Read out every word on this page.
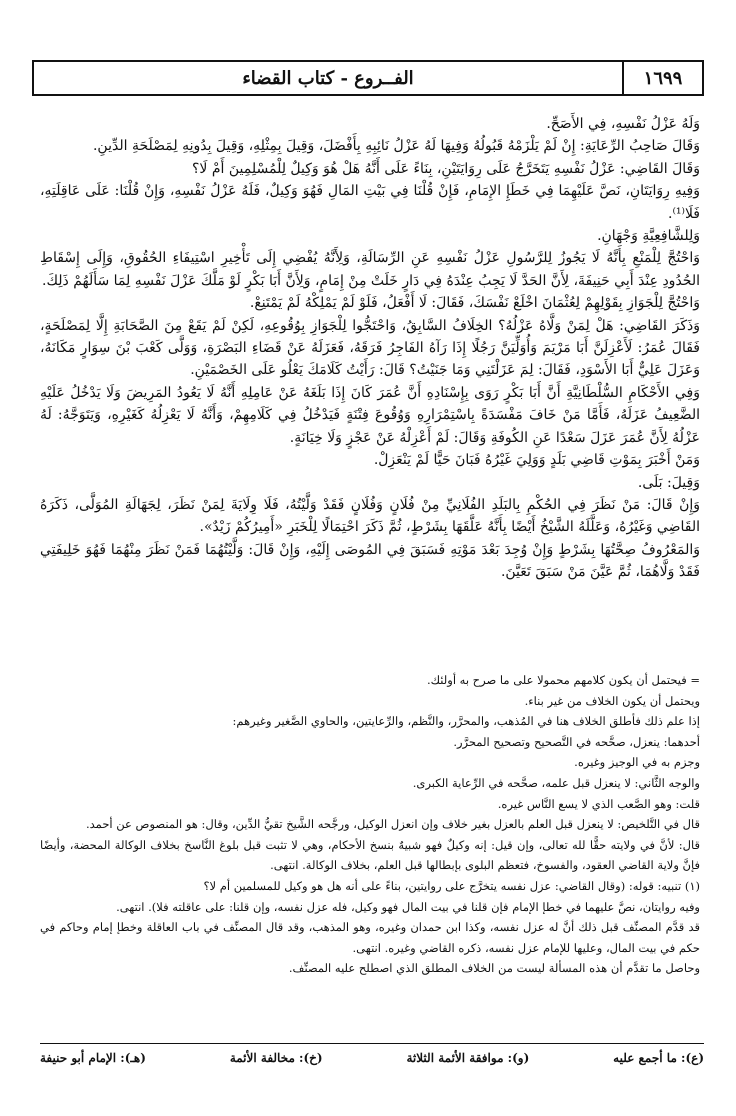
١٦٩٩
الفــروع - كتاب القضاء

وَلَهُ عَزْلُ نَفْسِهِ، فِي الأَصَحِّ.

وَقَالَ صَاحِبُ الرِّعَايَةِ: إِنْ لَمْ يَلْزَمْهُ قَبُولُهُ وَفِيهَا لَهُ عَزْلُ نَائِبِهِ بِأَفْضَلَ، وَقِيلَ بِمِثْلِهِ، وَقِيلَ بِدُونِهِ لِمَصْلَحَةِ الدِّينِ.

وَقَالَ القَاضِي: عَزْلُ نَفْسِهِ يَتَخَرَّجُ عَلَى رِوَايَتَيْنِ، بِنَاءً عَلَى أَنَّهُ هَلْ هُوَ وَكِيلٌ لِلْمُسْلِمِينَ أَمْ لَا؟

وَفِيهِ رِوَايَتَانِ، نَصَّ عَلَيْهِمَا فِي خَطَإِ الإِمَامِ، فَإِنْ قُلْنَا فِي بَيْتِ المَالِ فَهُوَ وَكِيلٌ، فَلَهُ عَزْلُ نَفْسِهِ، وَإِنْ قُلْنَا: عَلَى عَاقِلَتِهِ، فَلَا⁽¹⁾.

وَلِلشَّافِعِيَّةِ وَجْهَانِ.

وَاحْتُجَّ لِلْمَنْعِ بِأَنَّهُ لَا يَجُوزُ لِلرَّسُولِ عَزْلُ نَفْسِهِ عَنِ الرِّسَالَةِ، وَلِأَنَّهُ يُفْضِي إِلَى تَأْخِيرِ اسْتِيفَاءِ الحُقُوقِ، وَإِلَى إِسْقَاطِ الحُدُودِ عِنْدَ أَبِي حَنِيفَةَ، لِأَنَّ الحَدَّ لَا يَجِبُ عِنْدَهُ فِي دَارٍ خَلَتْ مِنْ إِمَامٍ، وَلِأَنَّ أَبَا بَكْرٍ لَوْ مَلَّكَ عَزْلَ نَفْسِهِ لِمَا سَأَلَهُمْ ذَلِكَ.

وَاحْتُجَّ لِلْجَوَازِ بِقَوْلِهِمْ لِعُثْمَانَ اخْلَعْ نَفْسَكَ، فَقَالَ: لَا أَفْعَلُ، فَلَوْ لَمْ يَمْلِكْهُ لَمْ يَمْتَنِعْ.

وَذَكَرَ القَاضِي: هَلْ لِمَنْ وَلَّاهُ عَزْلُهُ؟ الخِلَافُ السَّابِقُ، وَاحْتَجُّوا لِلْجَوَازِ بِوُقُوعِهِ، لَكِنْ لَمْ يَقَعْ مِنَ الصَّحَابَةِ إِلَّا لِمَصْلَحَةٍ، فَقَالَ عُمَرُ: لَأَعْزِلَنَّ أَبَا مَرْيَمَ وَأُوَلِّيَنَّ رَجُلًا إِذَا رَآهُ الفَاجِرُ فَرَقَهُ، فَعَزَلَهُ عَنْ قَضَاءِ البَصْرَةِ، وَوَلَّى كَعْبَ بْنَ سِوَارٍ مَكَانَهُ، وَعَزَلَ عَلِيٌّ أَبَا الأَسْوَدِ، فَقَالَ: لِمَ عَزَلْتَنِي وَمَا جَنَيْتُ؟ قَالَ: رَأَيْتُ كَلَامَكَ يَعْلُو عَلَى الخَصْمَيْنِ.

وَفِي الأَحْكَامِ السُّلْطَانِيَّةِ أَنَّ أَبَا بَكْرٍ رَوَى بِإِسْنَادِهِ أَنَّ عُمَرَ كَانَ إِذَا بَلَغَهُ عَنْ عَامِلِهِ أَنَّهُ لَا يَعُودُ المَرِيضَ وَلَا يَدْخُلُ عَلَيْهِ الضَّعِيفُ عَزَلَهُ، فَأَمَّا مَنْ خَافَ مَفْسَدَةً بِاسْتِمْرَارِهِ وَوُقُوعَ فِتْنَةٍ فَيَدْخُلُ فِي كَلَامِهِمْ، وَأَنَّهُ لَا يَعْزِلُهُ كَغَيْرِهِ، وَيَتَوَجَّهُ: لَهُ عَزْلُهُ لِأَنَّ عُمَرَ عَزَلَ سَعْدًا عَنِ الكُوفَةِ وَقَالَ: لَمْ أَعْزِلْهُ عَنْ عَجْزٍ وَلَا خِيَانَةٍ.

وَمَنْ أَخْبَرَ بِمَوْتِ قَاضِي بَلَدٍ وَوَلِيَ غَيْرُهُ فَبَانَ حَيًّا لَمْ يَنْعَزِلْ.

وَقِيلَ: بَلَى.

وَإِنْ قَالَ: مَنْ نَظَرَ فِي الحُكْمِ بِالبَلَدِ الفُلَانِيِّ مِنْ فُلَانٍ وَفُلَانٍ فَقَدْ وَلَّيْتُهُ، فَلَا وِلَايَةَ لِمَنْ نَظَرَ، لِجَهَالَةِ المُوَلَّى، ذَكَرَهُ القَاضِي وَغَيْرُهُ، وَعَلَّلَهُ الشَّيْخُ أَيْضًا بِأَنَّهُ عَلَّقَهَا بِشَرْطٍ، ثُمَّ ذَكَرَ احْتِمَالًا لِلْخَبَرِ «أَمِيرُكُمْ زَيْدٌ».

وَالمَعْرُوفُ صِحَّتُهَا بِشَرْطٍ وَإِنْ وُجِدَ بَعْدَ مَوْتِهِ فَسَبَقَ فِي المُوصَى إِلَيْهِ، وَإِنْ قَالَ: وَلَّيْتُهُمَا فَمَنْ نَظَرَ مِنْهُمَا فَهُوَ خَلِيفَتِي فَقَدْ وَلَّاهُمَا، ثُمَّ عَيَّنَ مَنْ سَبَقَ تَعَيَّنَ.

= فيحتمل أن يكون كلامهم محمولا على ما صرح به أولئك.

ويحتمل أن يكون الخلاف من غير بناء.

إذا علم ذلك فأطلق الخلاف هنا في المُذهب، والمحرَّر، والنَّظم، والرِّعايتين، والحاوي الصَّغير وغيرهم:

أحدهما: ينعزل، صحَّحه في التَّصحيح وتصحيح المحرَّر.

وجزم به في الوجيز وغيره.

والوجه الثَّاني: لا ينعزل قبل علمه، صحَّحه في الرِّعاية الكبرى.

قلت: وهو الصَّعب الذي لا يسع النَّاس غيره.

قال في التَّلخيص: لا ينعزل قبل العلم بالعزل بغير خلاف وإن انعزل الوكيل، ورجَّحه الشَّيخ تقيُّ الدِّين، وقال: هو المنصوص عن أحمد.

قال: لأنَّ في ولايته حقًّا لله تعالى، وإن قيل: إنه وكيلٌ فهو شبيهٌ بنسخ الأحكام، وهي لا تثبت قبل بلوغ النَّاسخ بخلاف الوكالة المحضة، وأيضًا فإنَّ ولاية القاضي العقود، والفسوخ، فتعظم البلوى بإبطالها قبل العلم، بخلاف الوكالة. انتهى.

(١) تنبيه: قوله: (وقال القاضي: عزل نفسه يتخرَّج على روايتين، بناءً على أنه هل هو وكيل للمسلمين أم لا؟

وفيه روايتان، نصَّ عليهما في خطإ الإمام فإن قلنا في بيت المال فهو وكيل، فله عزل نفسه، وإن قلنا: على عاقلته فلا). انتهى.

قد قدَّم المصنِّف قبل ذلك أنَّ له عزل نفسه، وكذا ابن حمدان وغيره، وهو المذهب، وقد قال المصنِّف في باب العاقلة وخطإ إمام وحاكم في حكم في بيت المال، وعليها للإمام عزل نفسه، ذكره القاضي وغيره. انتهى.

وحاصل ما تقدَّم أن هذه المسألة ليست من الخلاف المطلق الذي اصطلح عليه المصنِّف.

(ع): ما أجمع عليه
(و): موافقة الأئمة الثلاثة
(خ): مخالفة الأئمة
(هـ): الإمام أبو حنيفة
